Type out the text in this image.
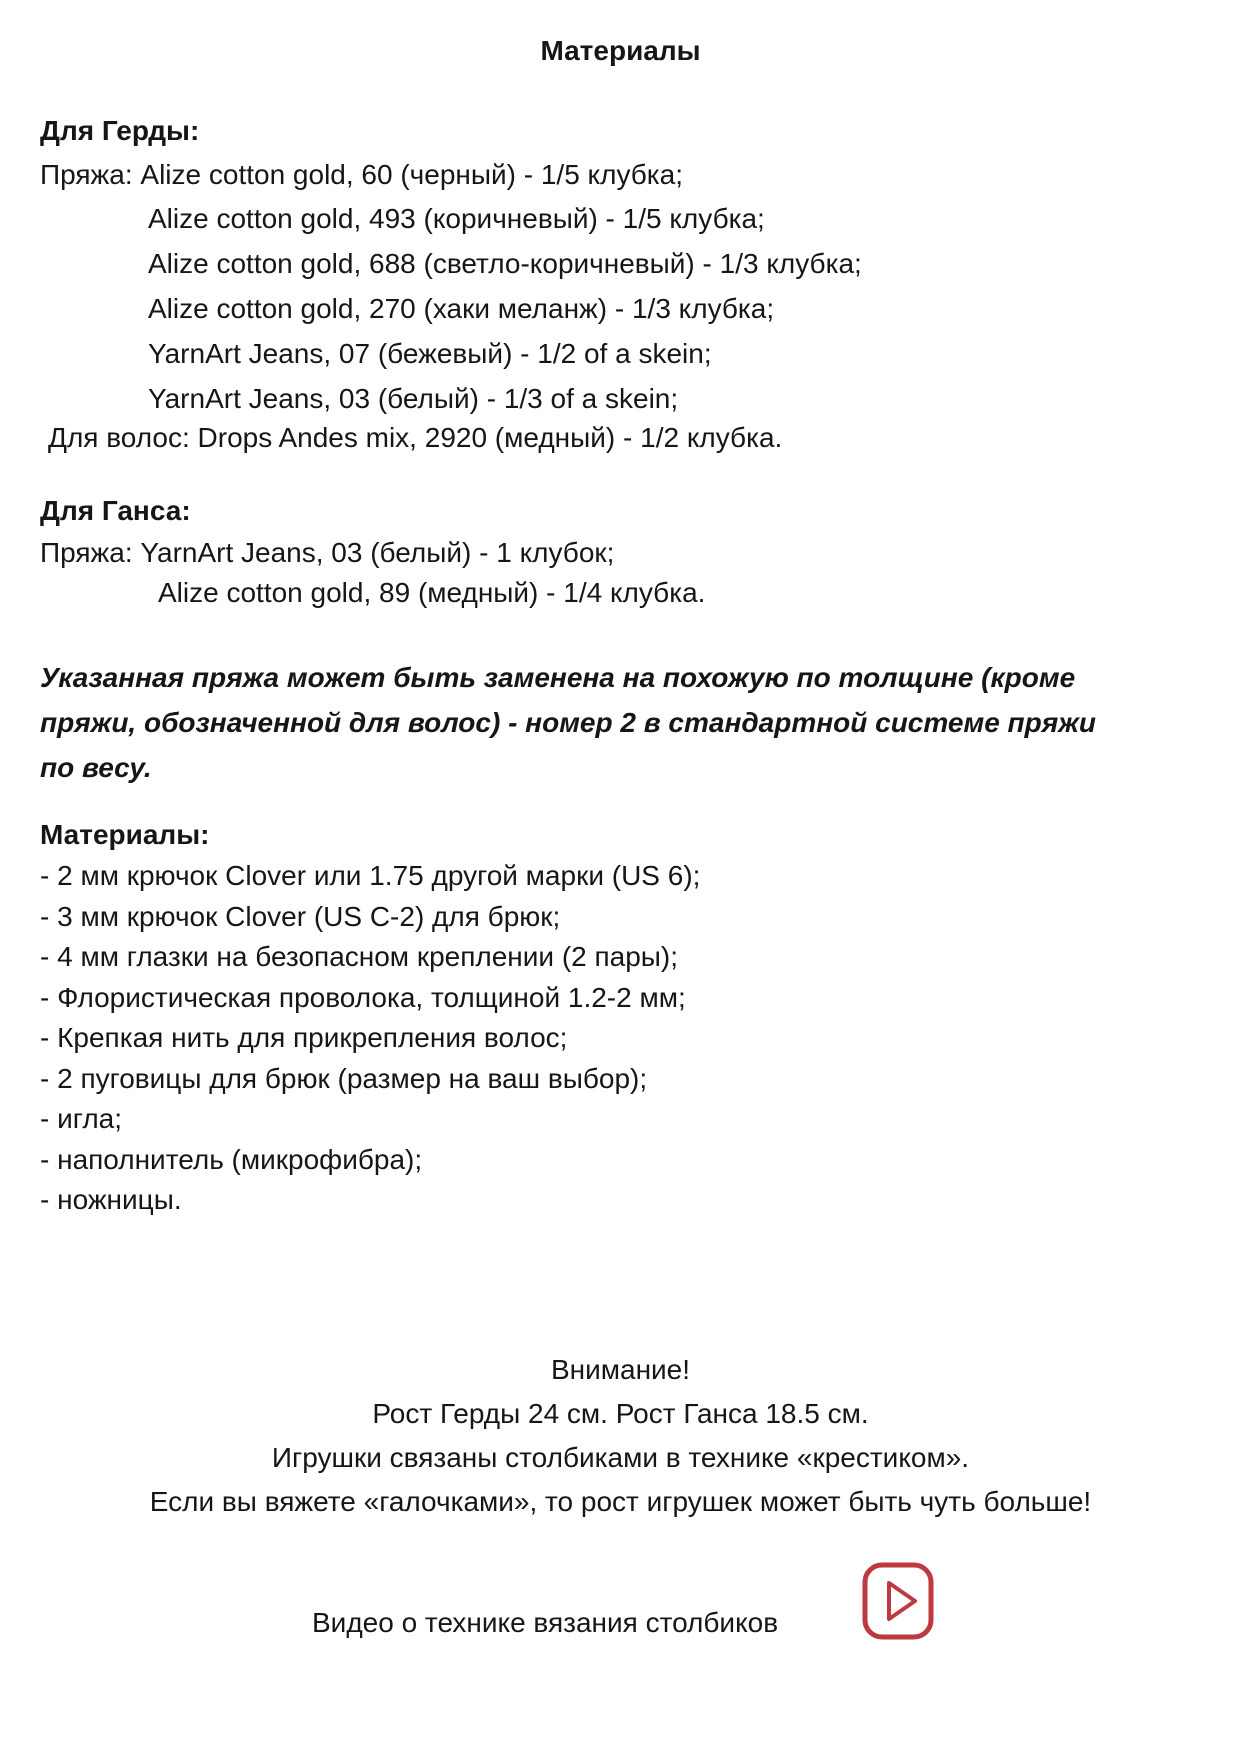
Материалы

Для Герды:

Пряжа: Alize cotton gold, 60 (черный) - 1/5 клубка;

Alize cotton gold, 493 (коричневый) - 1/5 клубка;

Alize cotton gold, 688 (светло-коричневый) - 1/3 клубка;

Alize cotton gold, 270 (хаки меланж) - 1/3 клубка;

YarnArt Jeans, 07 (бежевый) - 1/2 of a skein;

YarnArt Jeans, 03 (белый) - 1/3 of a skein;

Для волос: Drops Andes mix, 2920 (медный) - 1/2 клубка.

Для Ганса:

Пряжа: YarnArt Jeans, 03 (белый) - 1 клубок;

Alize cotton gold, 89 (медный) - 1/4 клубка.

Указанная пряжа может быть заменена на похожую по толщине (кроме

пряжи, обозначенной для волос) - номер 2 в стандартной системе пряжи

по весу.

Материалы:

- 2 мм крючок Clover или 1.75 другой марки (US 6);

- 3 мм крючок Clover (US C-2) для брюк;

- 4 мм глазки на безопасном креплении (2 пары);

- Флористическая проволока, толщиной 1.2-2 мм;

- Крепкая нить для прикрепления волос;

- 2 пуговицы для брюк (размер на ваш выбор);

- игла;

- наполнитель (микрофибра);

- ножницы.

Внимание!

Рост Герды 24 см. Рост Ганса 18.5 см.

Игрушки связаны столбиками в технике «крестиком».

Если вы вяжете «галочками», то рост игрушек может быть чуть больше!

Видео о технике вязания столбиков
